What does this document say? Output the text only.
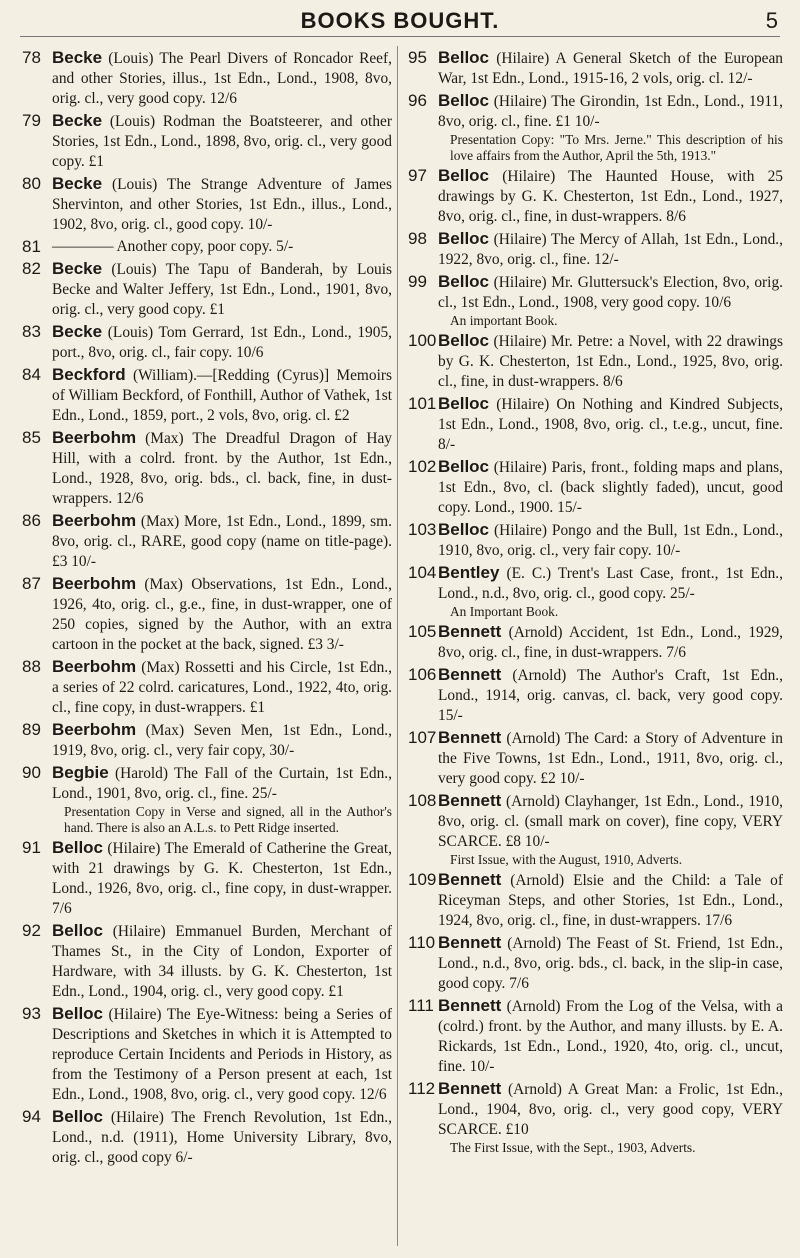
BOOKS BOUGHT.	5
78 Becke (Louis) The Pearl Divers of Roncador Reef, and other Stories, illus., 1st Edn., Lond., 1908, 8vo, orig. cl., very good copy. 12/6
79 Becke (Louis) Rodman the Boatsteerer, and other Stories, 1st Edn., Lond., 1898, 8vo, orig. cl., very good copy. £1
80 Becke (Louis) The Strange Adventure of James Shervinton, and other Stories, 1st Edn., illus., Lond., 1902, 8vo, orig. cl., good copy. 10/-
81 ———— Another copy, poor copy. 5/-
82 Becke (Louis) The Tapu of Banderah, by Louis Becke and Walter Jeffery, 1st Edn., Lond., 1901, 8vo, orig. cl., very good copy. £1
83 Becke (Louis) Tom Gerrard, 1st Edn., Lond., 1905, port., 8vo, orig. cl., fair copy. 10/6
84 Beckford (William).—[Redding (Cyrus)] Memoirs of William Beckford, of Fonthill, Author of Vathek, 1st Edn., Lond., 1859, port., 2 vols, 8vo, orig. cl. £2
85 Beerbohm (Max) The Dreadful Dragon of Hay Hill, with a colrd. front. by the Author, 1st Edn., Lond., 1928, 8vo, orig. bds., cl. back, fine, in dust-wrappers. 12/6
86 Beerbohm (Max) More, 1st Edn., Lond., 1899, sm. 8vo, orig. cl., RARE, good copy (name on title-page). £3 10/-
87 Beerbohm (Max) Observations, 1st Edn., Lond., 1926, 4to, orig. cl., g.e., fine, in dust-wrapper, one of 250 copies, signed by the Author, with an extra cartoon in the pocket at the back, signed. £3 3/-
88 Beerbohm (Max) Rossetti and his Circle, 1st Edn., a series of 22 colrd. caricatures, Lond., 1922, 4to, orig. cl., fine copy, in dust-wrappers. £1
89 Beerbohm (Max) Seven Men, 1st Edn., Lond., 1919, 8vo, orig. cl., very fair copy, 30/-
90 Begbie (Harold) The Fall of the Curtain, 1st Edn., Lond., 1901, 8vo, orig. cl., fine. 25/-
Presentation Copy in Verse and signed, all in the Author's hand. There is also an A.L.s. to Pett Ridge inserted.
91 Belloc (Hilaire) The Emerald of Catherine the Great, with 21 drawings by G. K. Chesterton, 1st Edn., Lond., 1926, 8vo, orig. cl., fine copy, in dust-wrapper. 7/6
92 Belloc (Hilaire) Emmanuel Burden, Merchant of Thames St., in the City of London, Exporter of Hardware, with 34 illusts. by G. K. Chesterton, 1st Edn., Lond., 1904, orig. cl., very good copy. £1
93 Belloc (Hilaire) The Eye-Witness: being a Series of Descriptions and Sketches in which it is Attempted to reproduce Certain Incidents and Periods in History, as from the Testimony of a Person present at each, 1st Edn., Lond., 1908, 8vo, orig. cl., very good copy. 12/6
94 Belloc (Hilaire) The French Revolution, 1st Edn., Lond., n.d. (1911), Home University Library, 8vo, orig. cl., good copy 6/-
95 Belloc (Hilaire) A General Sketch of the European War, 1st Edn., Lond., 1915-16, 2 vols, orig. cl. 12/-
96 Belloc (Hilaire) The Girondin, 1st Edn., Lond., 1911, 8vo, orig. cl., fine. £1 10/-
Presentation Copy: "To Mrs. Jerne." This description of his love affairs from the Author, April the 5th, 1913."
97 Belloc (Hilaire) The Haunted House, with 25 drawings by G. K. Chesterton, 1st Edn., Lond., 1927, 8vo, orig. cl., fine, in dust-wrappers. 8/6
98 Belloc (Hilaire) The Mercy of Allah, 1st Edn., Lond., 1922, 8vo, orig. cl., fine. 12/-
99 Belloc (Hilaire) Mr. Gluttersuck's Election, 8vo, orig. cl., 1st Edn., Lond., 1908, very good copy. 10/6
An important Book.
100 Belloc (Hilaire) Mr. Petre: a Novel, with 22 drawings by G. K. Chesterton, 1st Edn., Lond., 1925, 8vo, orig. cl., fine, in dust-wrappers. 8/6
101 Belloc (Hilaire) On Nothing and Kindred Subjects, 1st Edn., Lond., 1908, 8vo, orig. cl., t.e.g., uncut, fine. 8/-
102 Belloc (Hilaire) Paris, front., folding maps and plans, 1st Edn., 8vo, cl. (back slightly faded), uncut, good copy. Lond., 1900. 15/-
103 Belloc (Hilaire) Pongo and the Bull, 1st Edn., Lond., 1910, 8vo, orig. cl., very fair copy. 10/-
104 Bentley (E. C.) Trent's Last Case, front., 1st Edn., Lond., n.d., 8vo, orig. cl., good copy. 25/-
An Important Book.
105 Bennett (Arnold) Accident, 1st Edn., Lond., 1929, 8vo, orig. cl., fine, in dust-wrappers. 7/6
106 Bennett (Arnold) The Author's Craft, 1st Edn., Lond., 1914, orig. canvas, cl. back, very good copy. 15/-
107 Bennett (Arnold) The Card: a Story of Adventure in the Five Towns, 1st Edn., Lond., 1911, 8vo, orig. cl., very good copy. £2 10/-
108 Bennett (Arnold) Clayhanger, 1st Edn., Lond., 1910, 8vo, orig. cl. (small mark on cover), fine copy, VERY SCARCE. £8 10/-
First Issue, with the August, 1910, Adverts.
109 Bennett (Arnold) Elsie and the Child: a Tale of Riceyman Steps, and other Stories, 1st Edn., Lond., 1924, 8vo, orig. cl., fine, in dust-wrappers. 17/6
110 Bennett (Arnold) The Feast of St. Friend, 1st Edn., Lond., n.d., 8vo, orig. bds., cl. back, in the slip-in case, good copy. 7/6
111 Bennett (Arnold) From the Log of the Velsa, with a (colrd.) front. by the Author, and many illusts. by E. A. Rickards, 1st Edn., Lond., 1920, 4to, orig. cl., uncut, fine. 10/-
112 Bennett (Arnold) A Great Man: a Frolic, 1st Edn., Lond., 1904, 8vo, orig. cl., very good copy, VERY SCARCE. £10
The First Issue, with the Sept., 1903, Adverts.
